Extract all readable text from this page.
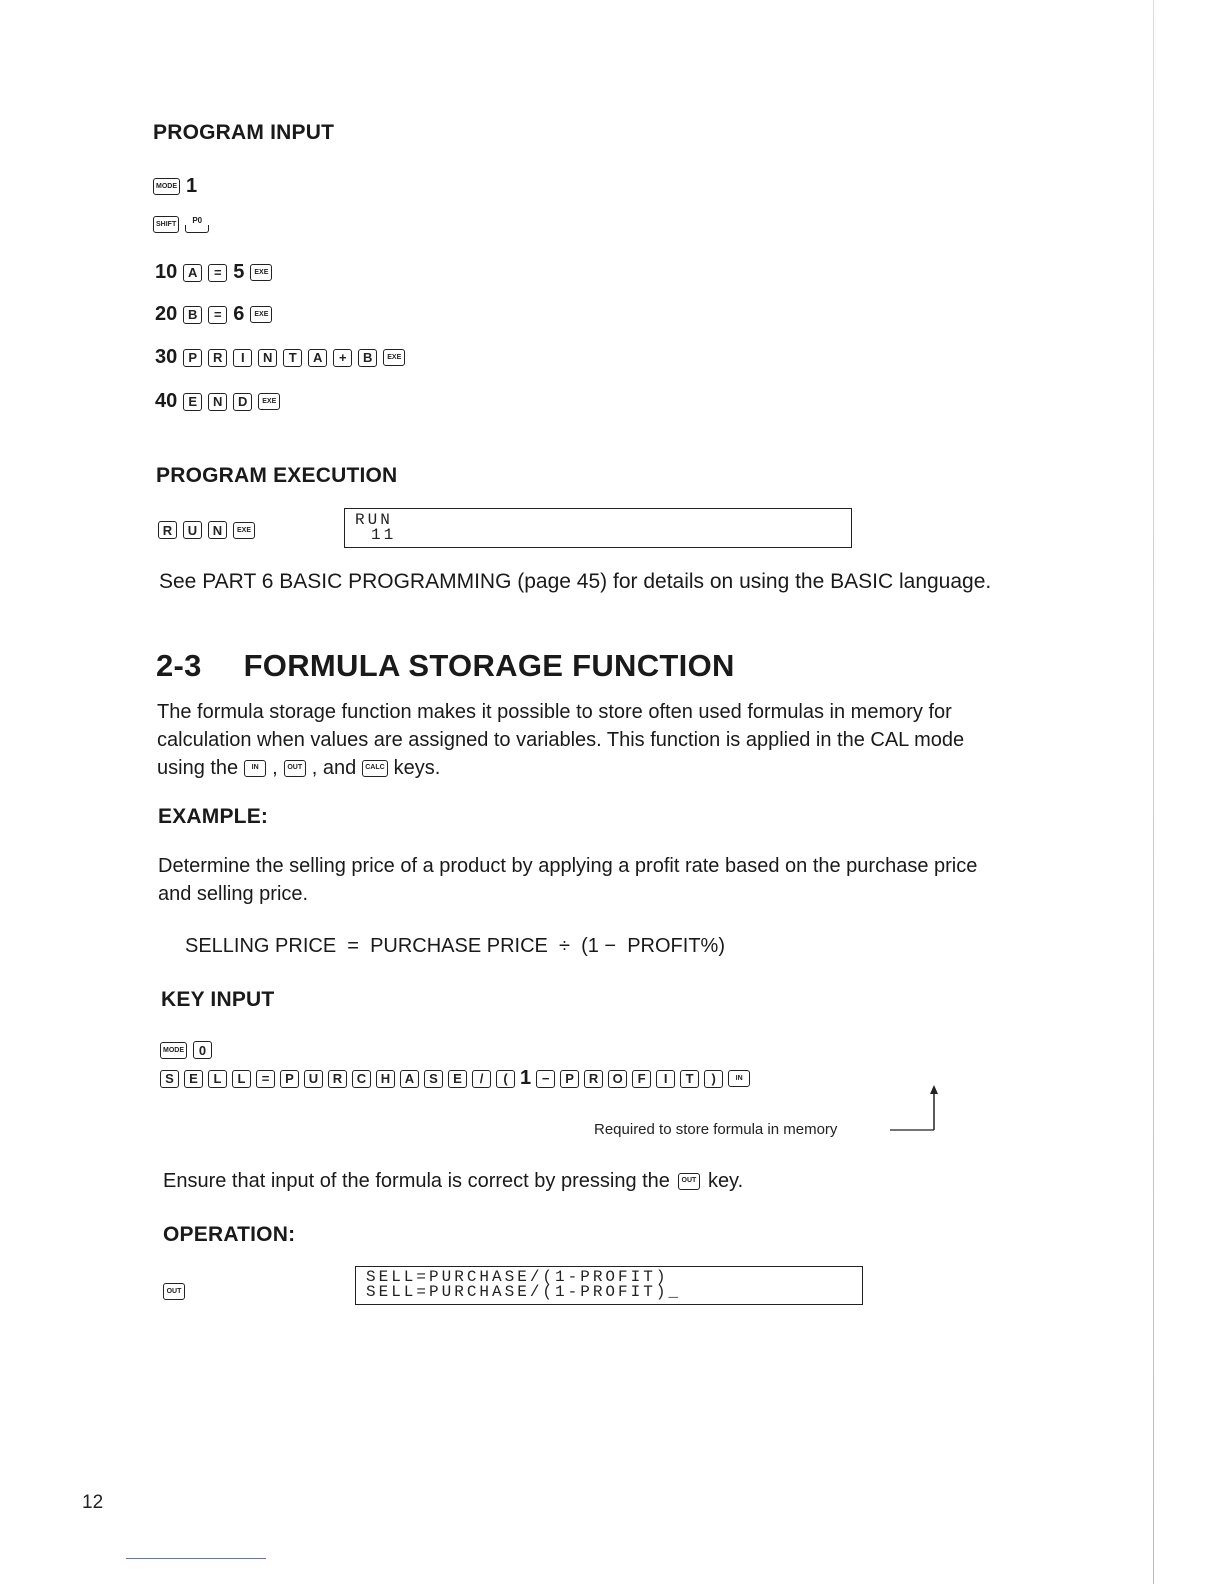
PROGRAM INPUT
MODE 1
SHIFT	P0
10 A	= 5	EXE
20 B	= 6	EXE
30 P	R	I	N	T	A	+	B	EXE
40 E	N	D	EXE
PROGRAM EXECUTION
R	U	N	EXE
RUN
11
See PART 6 BASIC PROGRAMMING (page 45) for details on using the BASIC language.
2-3 FORMULA STORAGE FUNCTION
The formula storage function makes it possible to store often used formulas in memory for
calculation when values are assigned to variables. This function is applied in the CAL mode
using the	IN ,	OUT , and	CALC keys.
EXAMPLE:
Determine the selling price of a product by applying a profit rate based on the purchase price
and selling price.
SELLING PRICE  =  PURCHASE PRICE  ÷  (1 −  PROFIT%)
KEY INPUT
MODE	0
S	E	L	L	=	P	U	R	C	H	A	S	E	/	( 1 −	P	R	O	F	I	T	)	IN
Required to store formula in memory
Ensure that input of the formula is correct by pressing the	OUT key.
OPERATION:
OUT
SELL=PURCHASE/(1-PROFIT)
SELL=PURCHASE/(1-PROFIT)_
12
